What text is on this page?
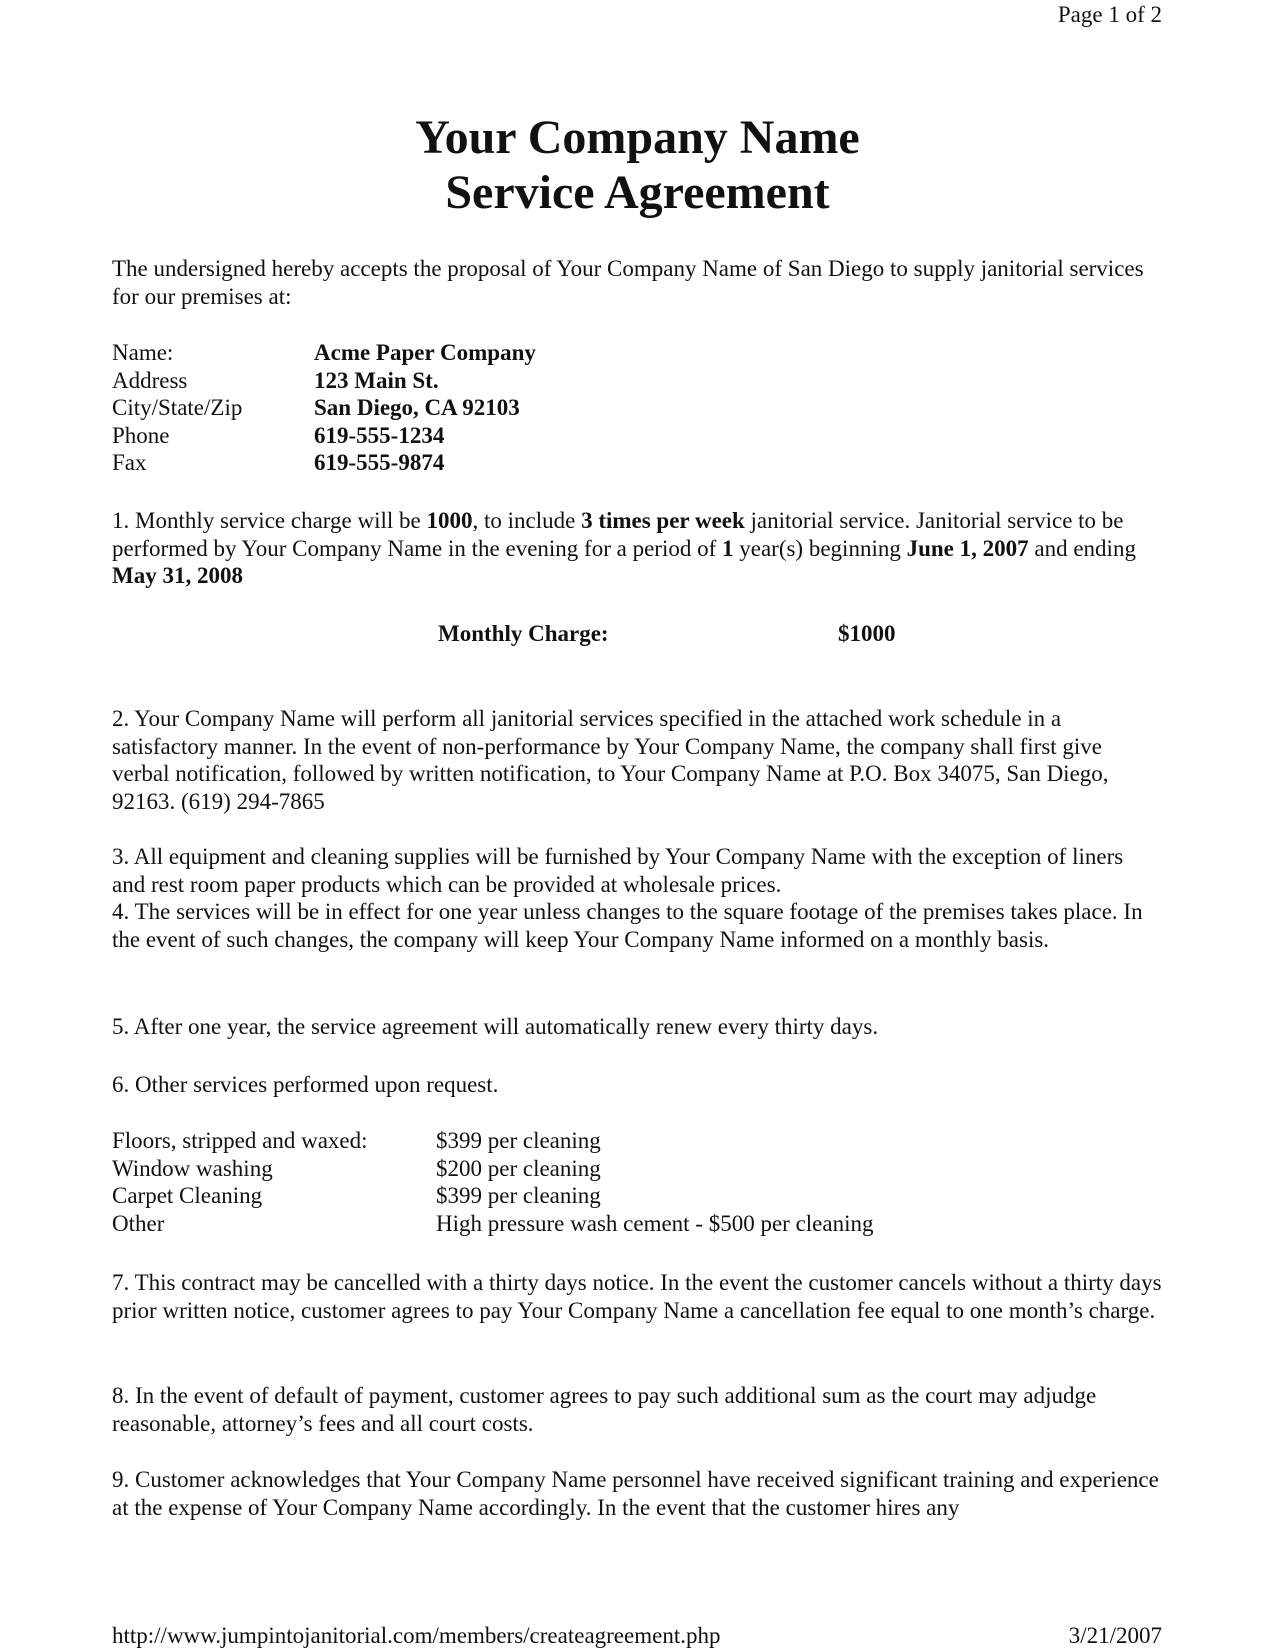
Page 1 of 2
Your Company Name
Service Agreement

The undersigned hereby accepts the proposal of Your Company Name of San Diego to supply janitorial services for our premises at:

Name:	Acme Paper Company
Address	123 Main St.
City/State/Zip	San Diego, CA 92103
Phone	619-555-1234
Fax	619-555-9874

1. Monthly service charge will be 1000, to include 3 times per week janitorial service. Janitorial service to be performed by Your Company Name in the evening for a period of 1 year(s) beginning June 1, 2007 and ending May 31, 2008

Monthly Charge:	$1000

2. Your Company Name will perform all janitorial services specified in the attached work schedule in a satisfactory manner. In the event of non-performance by Your Company Name, the company shall first give verbal notification, followed by written notification, to Your Company Name at P.O. Box 34075, San Diego, 92163. (619) 294-7865

3. All equipment and cleaning supplies will be furnished by Your Company Name with the exception of liners and rest room paper products which can be provided at wholesale prices.

4. The services will be in effect for one year unless changes to the square footage of the premises takes place. In the event of such changes, the company will keep Your Company Name informed on a monthly basis.

5. After one year, the service agreement will automatically renew every thirty days.

6. Other services performed upon request.

Floors, stripped and waxed:	$399 per cleaning
Window washing	$200 per cleaning
Carpet Cleaning	$399 per cleaning
Other	High pressure wash cement - $500 per cleaning

7. This contract may be cancelled with a thirty days notice. In the event the customer cancels without a thirty days prior written notice, customer agrees to pay Your Company Name a cancellation fee equal to one month’s charge.

8. In the event of default of payment, customer agrees to pay such additional sum as the court may adjudge reasonable, attorney’s fees and all court costs.

9. Customer acknowledges that Your Company Name personnel have received significant training and experience at the expense of Your Company Name accordingly. In the event that the customer hires any

http://www.jumpintojanitorial.com/members/createagreement.php	3/21/2007
